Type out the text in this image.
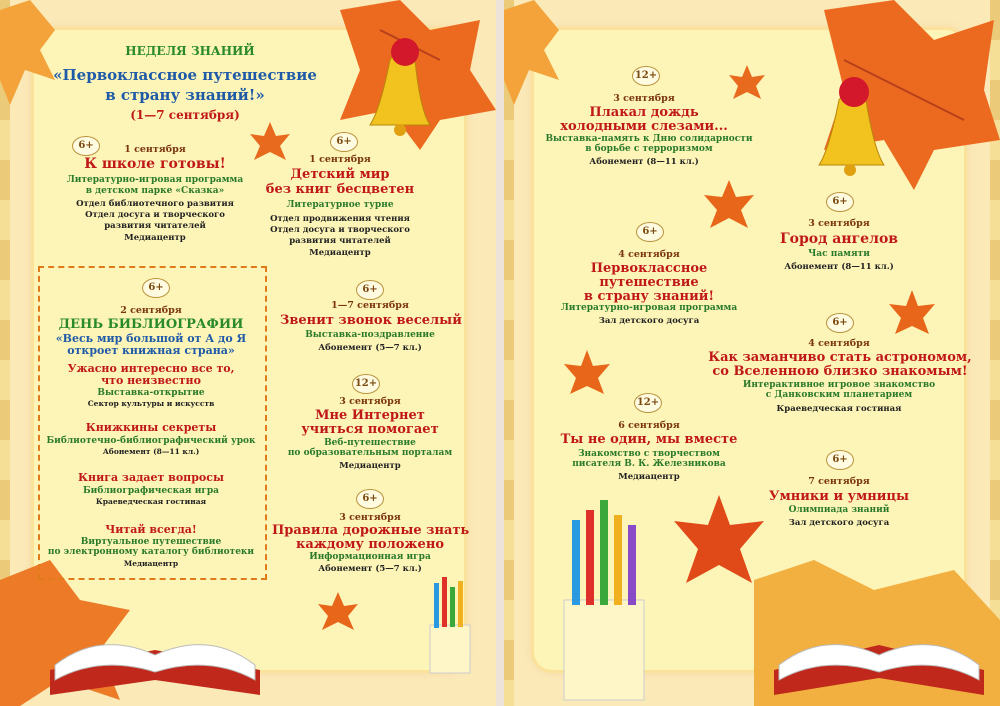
НЕДЕЛЯ ЗНАНИЙ
«Первоклассное путешествие
в страну знаний!»
(1—7 сентября)
6+	1 сентября
К школе готовы!
Литературно-игровая программа
в детском парке «Сказка»
Отдел библиотечного развития
Отдел досуга и творческого
развития читателей
Медиацентр
6+
1 сентября
Детский мир
без книг бесцветен
Литературное турне
Отдел продвижения чтения
Отдел досуга и творческого
развития читателей
Медиацентр
6+
2 сентября
ДЕНЬ БИБЛИОГРАФИИ
«Весь мир большой от А до Я
откроет книжная страна»
Ужасно интересно все то,
что неизвестно
Выставка-открытие
Сектор культуры и искусств
Книжкины секреты
Библиотечно-библиографический урок
Абонемент (8—11 кл.)
Книга задает вопросы
Библиографическая игра
Краеведческая гостиная
Читай всегда!
Виртуальное путешествие
по электронному каталогу библиотеки
Медиацентр
6+
1—7 сентября
Звенит звонок веселый
Выставка-поздравление
Абонемент (5—7 кл.)
12+
3 сентября
Мне Интернет
учиться помогает
Веб-путешествие
по образовательным порталам
Медиацентр
6+
3 сентября
Правила дорожные знать
каждому положено
Информационная игра
Абонемент (5—7 кл.)
12+
3 сентября
Плакал дождь
холодными слезами...
Выставка-память к Дню солидарности
в борьбе с терроризмом
Абонемент (8—11 кл.)
6+
3 сентября
Город ангелов
Час памяти
Абонемент (8—11 кл.)
6+
4 сентября
Первоклассное
путешествие
в страну знаний!
Литературно-игровая программа
Зал детского досуга	6+
4 сентября
Как заманчиво стать астрономом,
со Вселенною близко знакомым!
Интерактивное игровое знакомство
с Данковским планетарием
Краеведческая гостиная
12+
6 сентября
Ты не один, мы вместе
Знакомство с творчеством
писателя В. К. Железникова
Медиацентр
6+
7 сентября
Умники и умницы
Олимпиада знаний
Зал детского досуга
